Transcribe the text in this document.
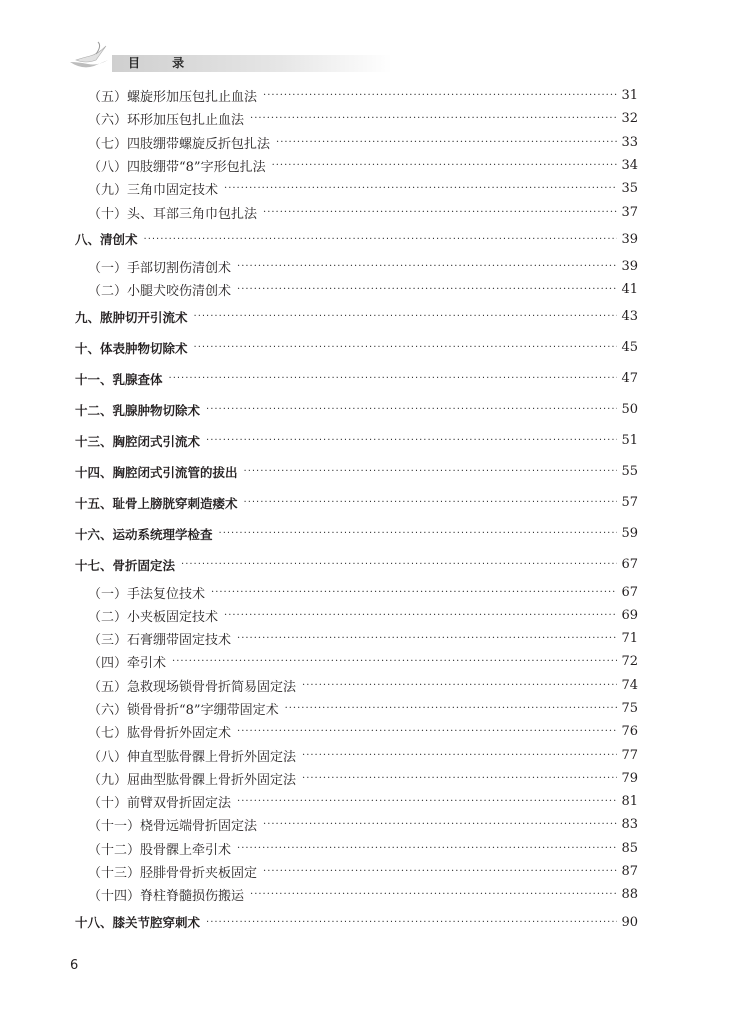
目 录
（五）螺旋形加压包扎止血法 ·····	31
（六）环形加压包扎止血法 ·····	32
（七）四肢绷带螺旋反折包扎法 ·····	33
（八）四肢绷带“8”字形包扎法 ·····	34
（九）三角巾固定技术 ·····	35
（十）头、耳部三角巾包扎法 ·····	37
八、清创术 ·····	39
（一）手部切割伤清创术 ·····	39
（二）小腿犬咬伤清创术 ·····	41
九、脓肿切开引流术 ·····	43
十、体表肿物切除术 ·····	45
十一、乳腺查体 ·····	47
十二、乳腺肿物切除术 ·····	50
十三、胸腔闭式引流术 ·····	51
十四、胸腔闭式引流管的拔出 ·····	55
十五、耻骨上膀胱穿刺造瘘术 ·····	57
十六、运动系统理学检查 ·····	59
十七、骨折固定法 ·····	67
（一）手法复位技术 ·····	67
（二）小夹板固定技术 ·····	69
（三）石膏绷带固定技术 ·····	71
（四）牵引术 ·····	72
（五）急救现场锁骨骨折简易固定法 ·····	74
（六）锁骨骨折“8”字绷带固定术 ·····	75
（七）肱骨骨折外固定术 ·····	76
（八）伸直型肱骨髁上骨折外固定法 ·····	77
（九）屈曲型肱骨髁上骨折外固定法 ·····	79
（十）前臂双骨折固定法 ·····	81
（十一）桡骨远端骨折固定法 ·····	83
（十二）股骨髁上牵引术 ·····	85
（十三）胫腓骨骨折夹板固定 ·····	87
（十四）脊柱脊髓损伤搬运 ·····	88
十八、膝关节腔穿刺术 ·····	90
6
